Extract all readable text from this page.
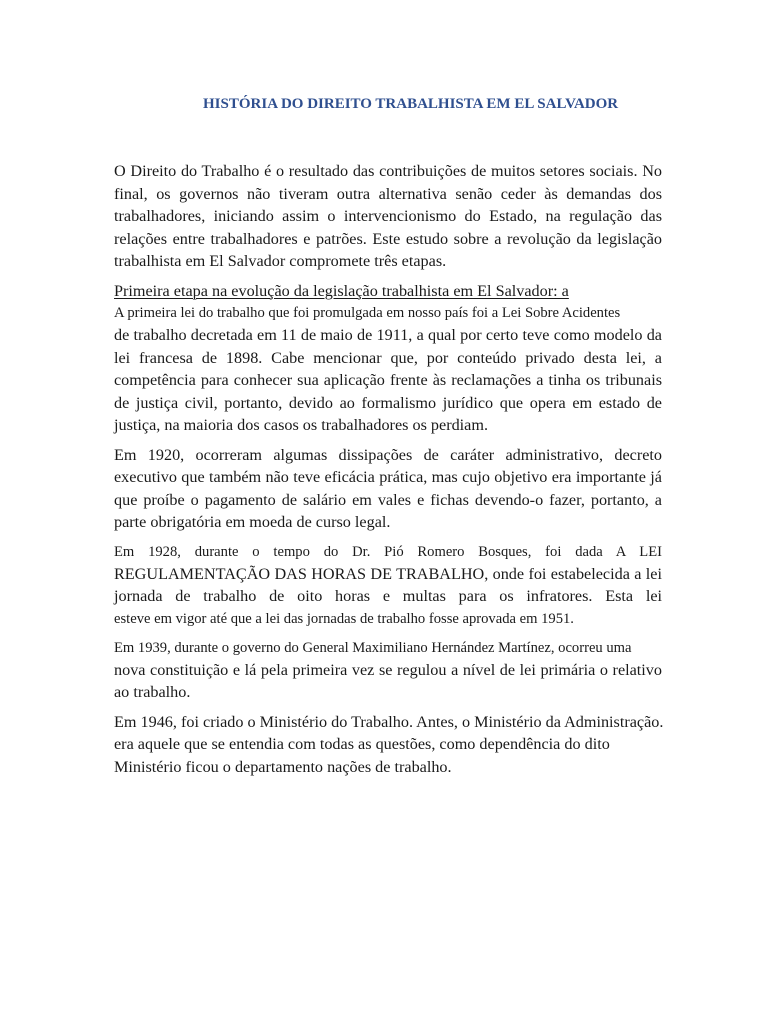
HISTÓRIA DO DIREITO TRABALHISTA EM EL SALVADOR

O Direito do Trabalho é o resultado das contribuições de muitos setores sociais. No final, os governos não tiveram outra alternativa senão ceder às demandas dos trabalhadores, iniciando assim o intervencionismo do Estado, na regulação das relações entre trabalhadores e patrões. Este estudo sobre a revolução da legislação trabalhista em El Salvador compromete três etapas.

Primeira etapa na evolução da legislação trabalhista em El Salvador: a
A primeira lei do trabalho que foi promulgada em nosso país foi a Lei Sobre Acidentes
de trabalho decretada em 11 de maio de 1911, a qual por certo teve como modelo da lei francesa de 1898. Cabe mencionar que, por conteúdo privado desta lei, a competência para conhecer sua aplicação frente às reclamações a tinha os tribunais de justiça civil, portanto, devido ao formalismo jurídico que opera em estado de justiça, na maioria dos casos os trabalhadores os perdiam.

Em 1920, ocorreram algumas dissipações de caráter administrativo, decreto executivo que também não teve eficácia prática, mas cujo objetivo era importante já que proíbe o pagamento de salário em vales e fichas devendo-o fazer, portanto, a parte obrigatória em moeda de curso legal.

Em 1928, durante o tempo do Dr. Pió Romero Bosques, foi dada A LEI
REGULAMENTAÇÃO DAS HORAS DE TRABALHO, onde foi estabelecida a lei
jornada de trabalho de oito horas e multas para os infratores. Esta lei
esteve em vigor até que a lei das jornadas de trabalho fosse aprovada em 1951.
Em 1939, durante o governo do General Maximiliano Hernández Martínez, ocorreu uma
nova constituição e lá pela primeira vez se regulou a nível de lei primária o relativo ao trabalho.
Em 1946, foi criado o Ministério do Trabalho. Antes, o Ministério da Administração.
era aquele que se entendia com todas as questões, como dependência do dito
Ministério ficou o departamento nações de trabalho.
